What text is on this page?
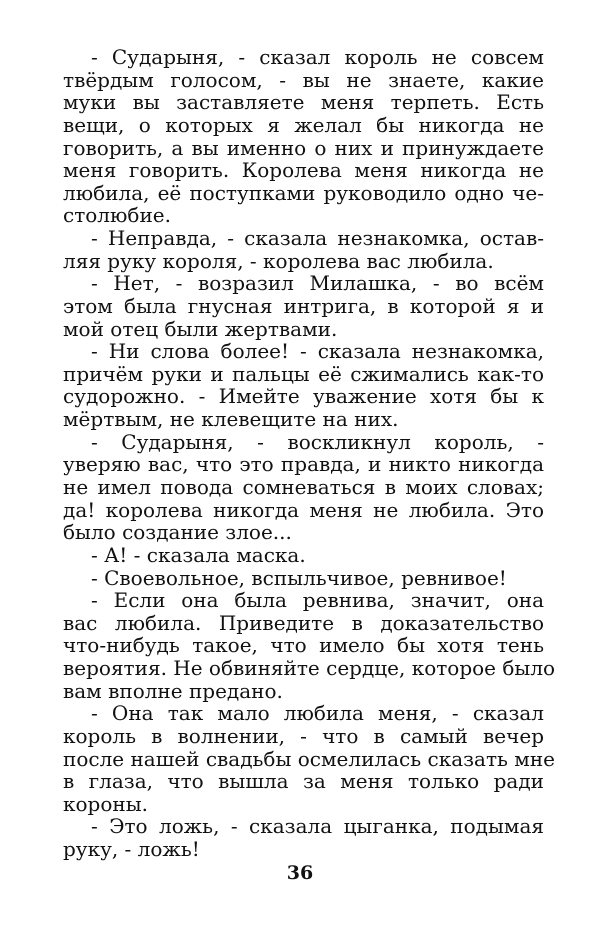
- Сударыня, - сказал король не совсем
твёрдым голосом, - вы не знаете, какие
муки вы заставляете меня терпеть. Есть
вещи, о которых я желал бы никогда не
говорить, а вы именно о них и принуждаете
меня говорить. Королева меня никогда не
любила, её поступками руководило одно че-
столюбие.
- Неправда, - сказала незнакомка, остав-
ляя руку короля, - королева вас любила.
- Нет, - возразил Милашка, - во всём
этом была гнусная интрига, в которой я и
мой отец были жертвами.
- Ни слова более! - сказала незнакомка,
причём руки и пальцы её сжимались как-то
судорожно. - Имейте уважение хотя бы к
мёртвым, не клевещите на них.
- Сударыня, - воскликнул король, -
уверяю вас, что это правда, и никто никогда
не имел повода сомневаться в моих словах;
да! королева никогда меня не любила. Это
было создание злое...
- А! - сказала маска.
- Своевольное, вспыльчивое, ревнивое!
- Если она была ревнива, значит, она
вас любила. Приведите в доказательство
что-нибудь такое, что имело бы хотя тень
вероятия. Не обвиняйте сердце, которое было
вам вполне предано.
- Она так мало любила меня, - сказал
король в волнении, - что в самый вечер
после нашей свадьбы осмелилась сказать мне
в глаза, что вышла за меня только ради
короны.
- Это ложь, - сказала цыганка, подымая
руку, - ложь!
36
